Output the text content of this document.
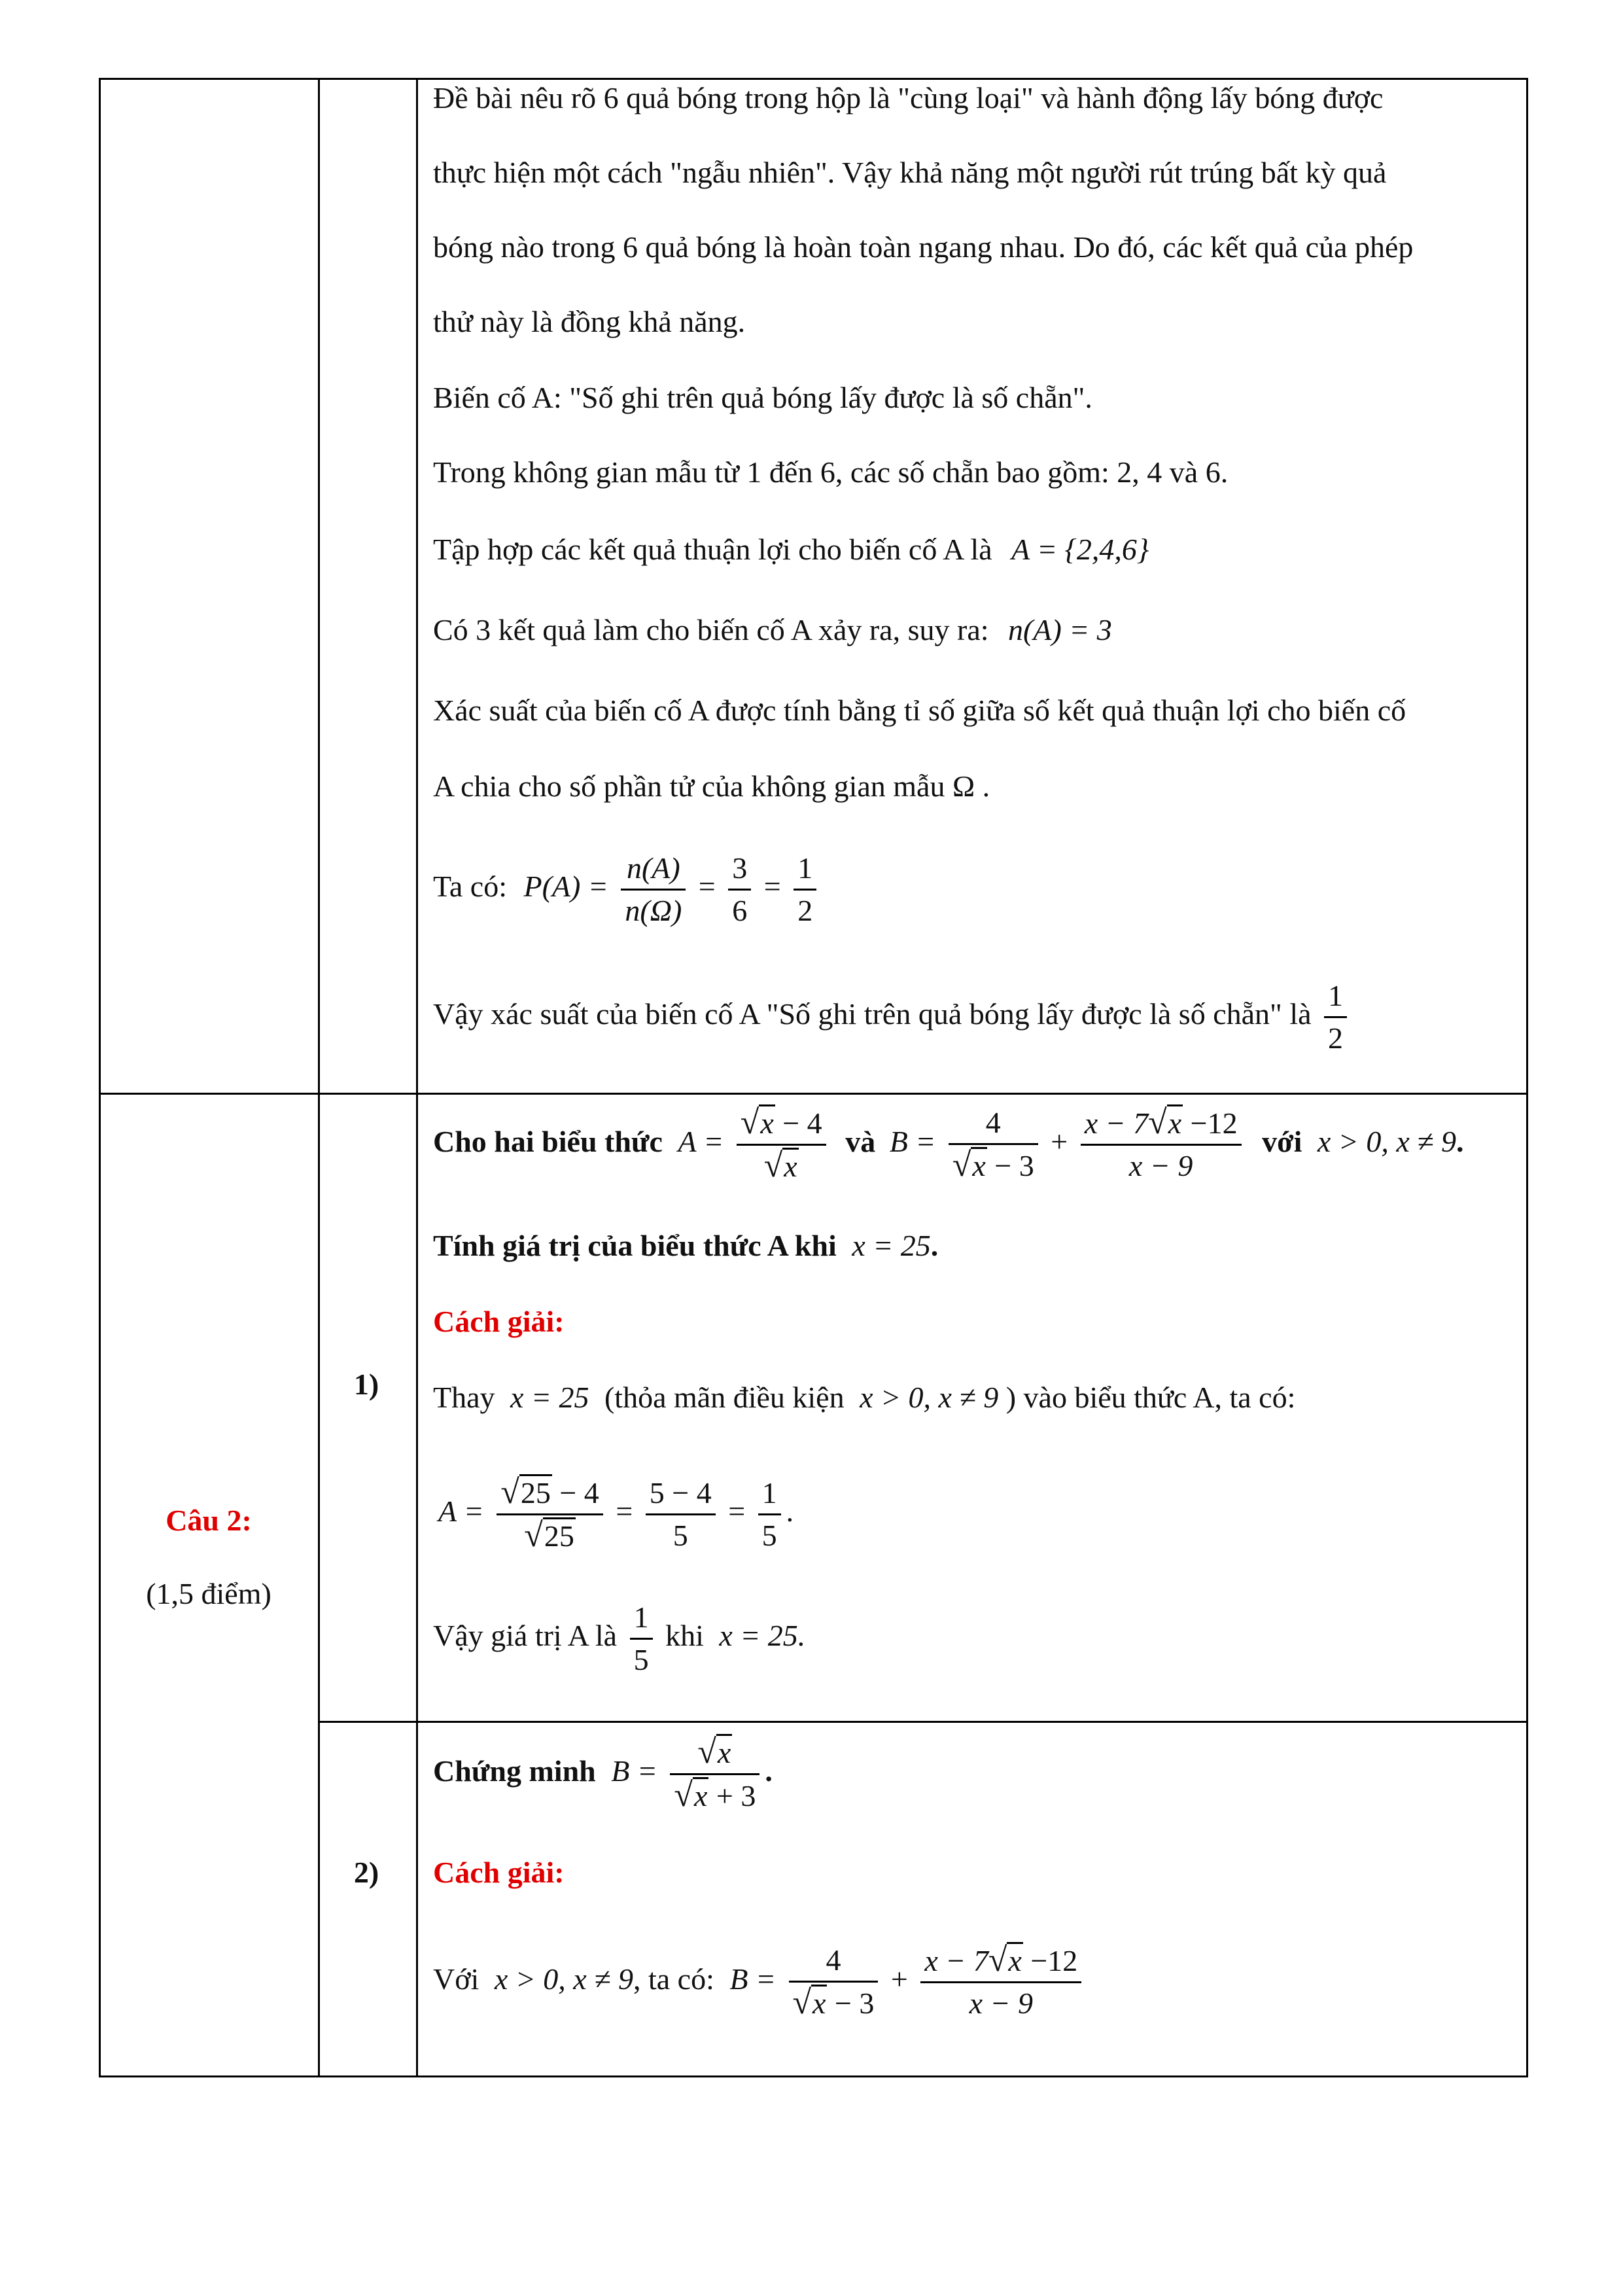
Đề bài nêu rõ 6 quả bóng trong hộp là "cùng loại" và hành động lấy bóng được
thực hiện một cách "ngẫu nhiên". Vậy khả năng một người rút trúng bất kỳ quả
bóng nào trong 6 quả bóng là hoàn toàn ngang nhau. Do đó, các kết quả của phép
thử này là đồng khả năng.
Biến cố A: "Số ghi trên quả bóng lấy được là số chẵn".
Trong không gian mẫu từ 1 đến 6, các số chẵn bao gồm: 2, 4 và 6.
Tập hợp các kết quả thuận lợi cho biến cố A là A = {2,4,6}
Có 3 kết quả làm cho biến cố A xảy ra, suy ra: n(A) = 3
Xác suất của biến cố A được tính bằng tỉ số giữa số kết quả thuận lợi cho biến cố
A chia cho số phần tử của không gian mẫu Ω .
Ta có: $P(A) = \frac{n(A)}{n(\Omega)} = \frac{3}{6} = \frac{1}{2}$
Vậy xác suất của biến cố A "Số ghi trên quả bóng lấy được là số chẵn" là $\frac{1}{2}$
Câu 2:
(1,5 điểm)
1)
Cho hai biểu thức $A = \frac{√x - 4}{√x}$ và $B = \frac{4}{√x - 3} + \frac{x - 7√x -12}{x - 9}$ với x > 0, x ≠ 9.
Tính giá trị của biểu thức A khi x = 25.
Cách giải:
Thay x = 25 (thỏa mãn điều kiện x > 0, x ≠ 9 ) vào biểu thức A, ta có:
$A = \frac{√25 - 4}{√25} = \frac{5 - 4}{5} = \frac{1}{5}$ .
Vậy giá trị A là $\frac{1}{5}$ khi x = 25.
2)
Chứng minh $B = \frac{√x}{√x + 3}$ .
Cách giải:
Với x > 0, x ≠ 9, ta có: $B = \frac{4}{√x - 3} + \frac{x - 7√x -12}{x - 9}$
